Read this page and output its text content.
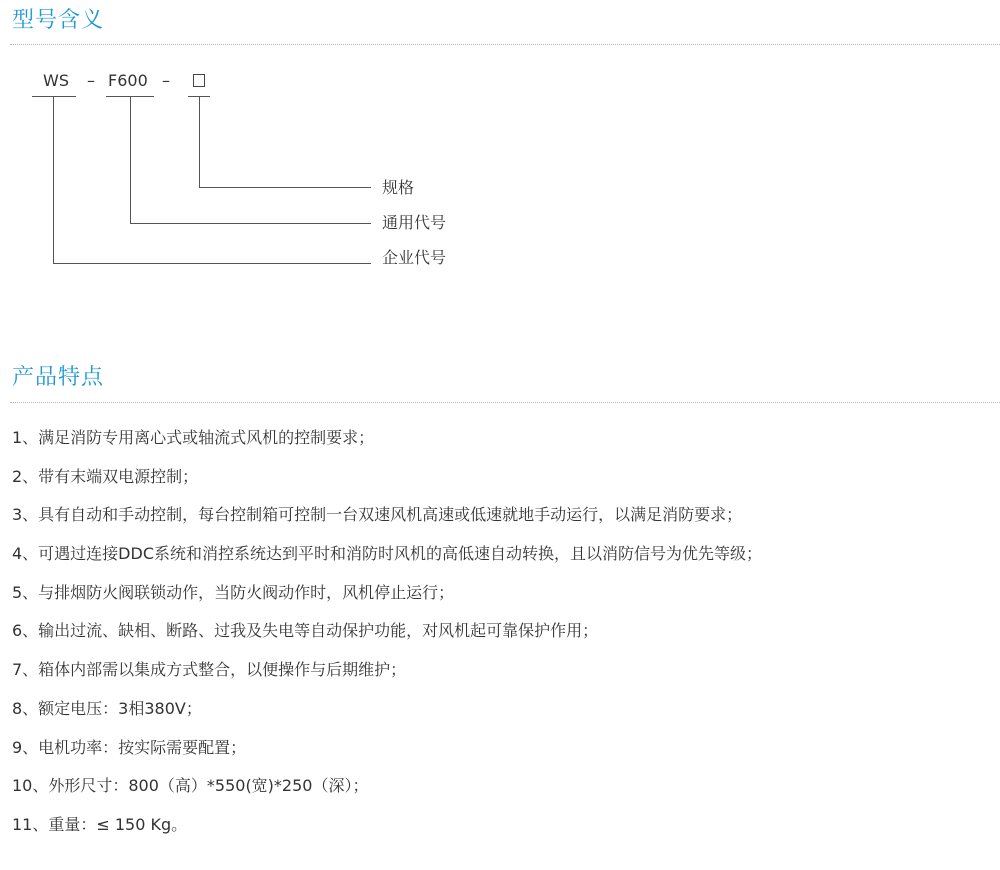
型号含义
WS – F600 –
规格
通用代号
企业代号
产品特点
1、满足消防专用离心式或轴流式风机的控制要求；
2、带有末端双电源控制；
3、具有自动和手动控制，每台控制箱可控制一台双速风机高速或低速就地手动运行，以满足消防要求；
4、可遇过连接DDC系统和消控系统达到平时和消防时风机的高低速自动转换，且以消防信号为优先等级；
5、与排烟防火阀联锁动作，当防火阀动作时，风机停止运行；
6、输出过流、缺相、断路、过我及失电等自动保护功能，对风机起可靠保护作用；
7、箱体内部需以集成方式整合，以便操作与后期维护；
8、额定电压：3相380V；
9、电机功率：按实际需要配置；
10、外形尺寸：800（高）*550(宽)*250（深）；
11、重量：≤ 150 Kg。
